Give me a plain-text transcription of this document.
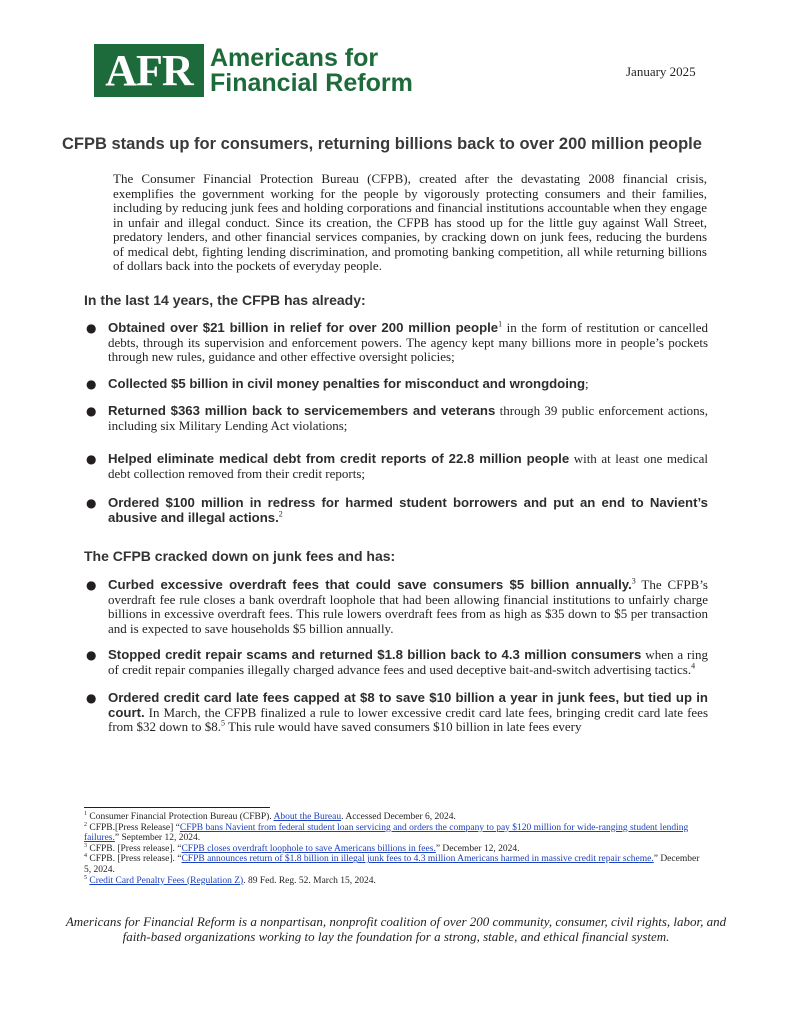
AFR Americans for
Financial Reform	January 2025
CFPB stands up for consumers, returning billions back to over 200 million people

The Consumer Financial Protection Bureau (CFPB), created after the devastating 2008 financial crisis, exemplifies the government working for the people by vigorously protecting consumers and their families, including by reducing junk fees and holding corporations and financial institutions accountable when they engage in unfair and illegal conduct. Since its creation, the CFPB has stood up for the little guy against Wall Street, predatory lenders, and other financial services companies, by cracking down on junk fees, reducing the burdens of medical debt, fighting lending discrimination, and promoting banking competition, all while returning billions of dollars back into the pockets of everyday people.

In the last 14 years, the CFPB has already:
● Obtained over $21 billion in relief for over 200 million people$^1$ in the form of restitution or cancelled debts, through its supervision and enforcement powers. The agency kept many billions more in people’s pockets through new rules, guidance and other effective oversight policies;
● Collected $5 billion in civil money penalties for misconduct and wrongdoing;
● Returned $363 million back to servicemembers and veterans through 39 public enforcement actions, including six Military Lending Act violations;
● Helped eliminate medical debt from credit reports of 22.8 million people with at least one medical debt collection removed from their credit reports;
● Ordered $100 million in redress for harmed student borrowers and put an end to Navient’s abusive and illegal actions.$^2$
The CFPB cracked down on junk fees and has:
● Curbed excessive overdraft fees that could save consumers $5 billion annually.$^3$ The CFPB’s overdraft fee rule closes a bank overdraft loophole that had been allowing financial institutions to unfairly charge billions in excessive overdraft fees. This rule lowers overdraft fees from as high as $35 down to $5 per transaction and is expected to save households $5 billion annually.
● Stopped credit repair scams and returned $1.8 billion back to 4.3 million consumers when a ring of credit repair companies illegally charged advance fees and used deceptive bait-and-switch advertising tactics.$^4$
● Ordered credit card late fees capped at $8 to save $10 billion a year in junk fees, but tied up in court. In March, the CFPB finalized a rule to lower excessive credit card late fees, bringing credit card late fees from $32 down to $8.$^5$ This rule would have saved consumers $10 billion in late fees every
$^1$ Consumer Financial Protection Bureau (CFBP). About the Bureau. Accessed December 6, 2024.
$^2$ CFPB.[Press Release] “CFPB bans Navient from federal student loan servicing and orders the company to pay $120 million for wide-ranging student lending failures.” September 12, 2024.
$^3$ CFPB. [Press release]. “CFPB closes overdraft loophole to save Americans billions in fees.” December 12, 2024.
$^4$ CFPB. [Press release]. “CFPB announces return of $1.8 billion in illegal junk fees to 4.3 million Americans harmed in massive credit repair scheme.” December 5, 2024.
$^5$ Credit Card Penalty Fees (Regulation Z). 89 Fed. Reg. 52. March 15, 2024.

Americans for Financial Reform is a nonpartisan, nonprofit coalition of over 200 community, consumer, civil rights, labor, and faith-based organizations working to lay the foundation for a strong, stable, and ethical financial system.
